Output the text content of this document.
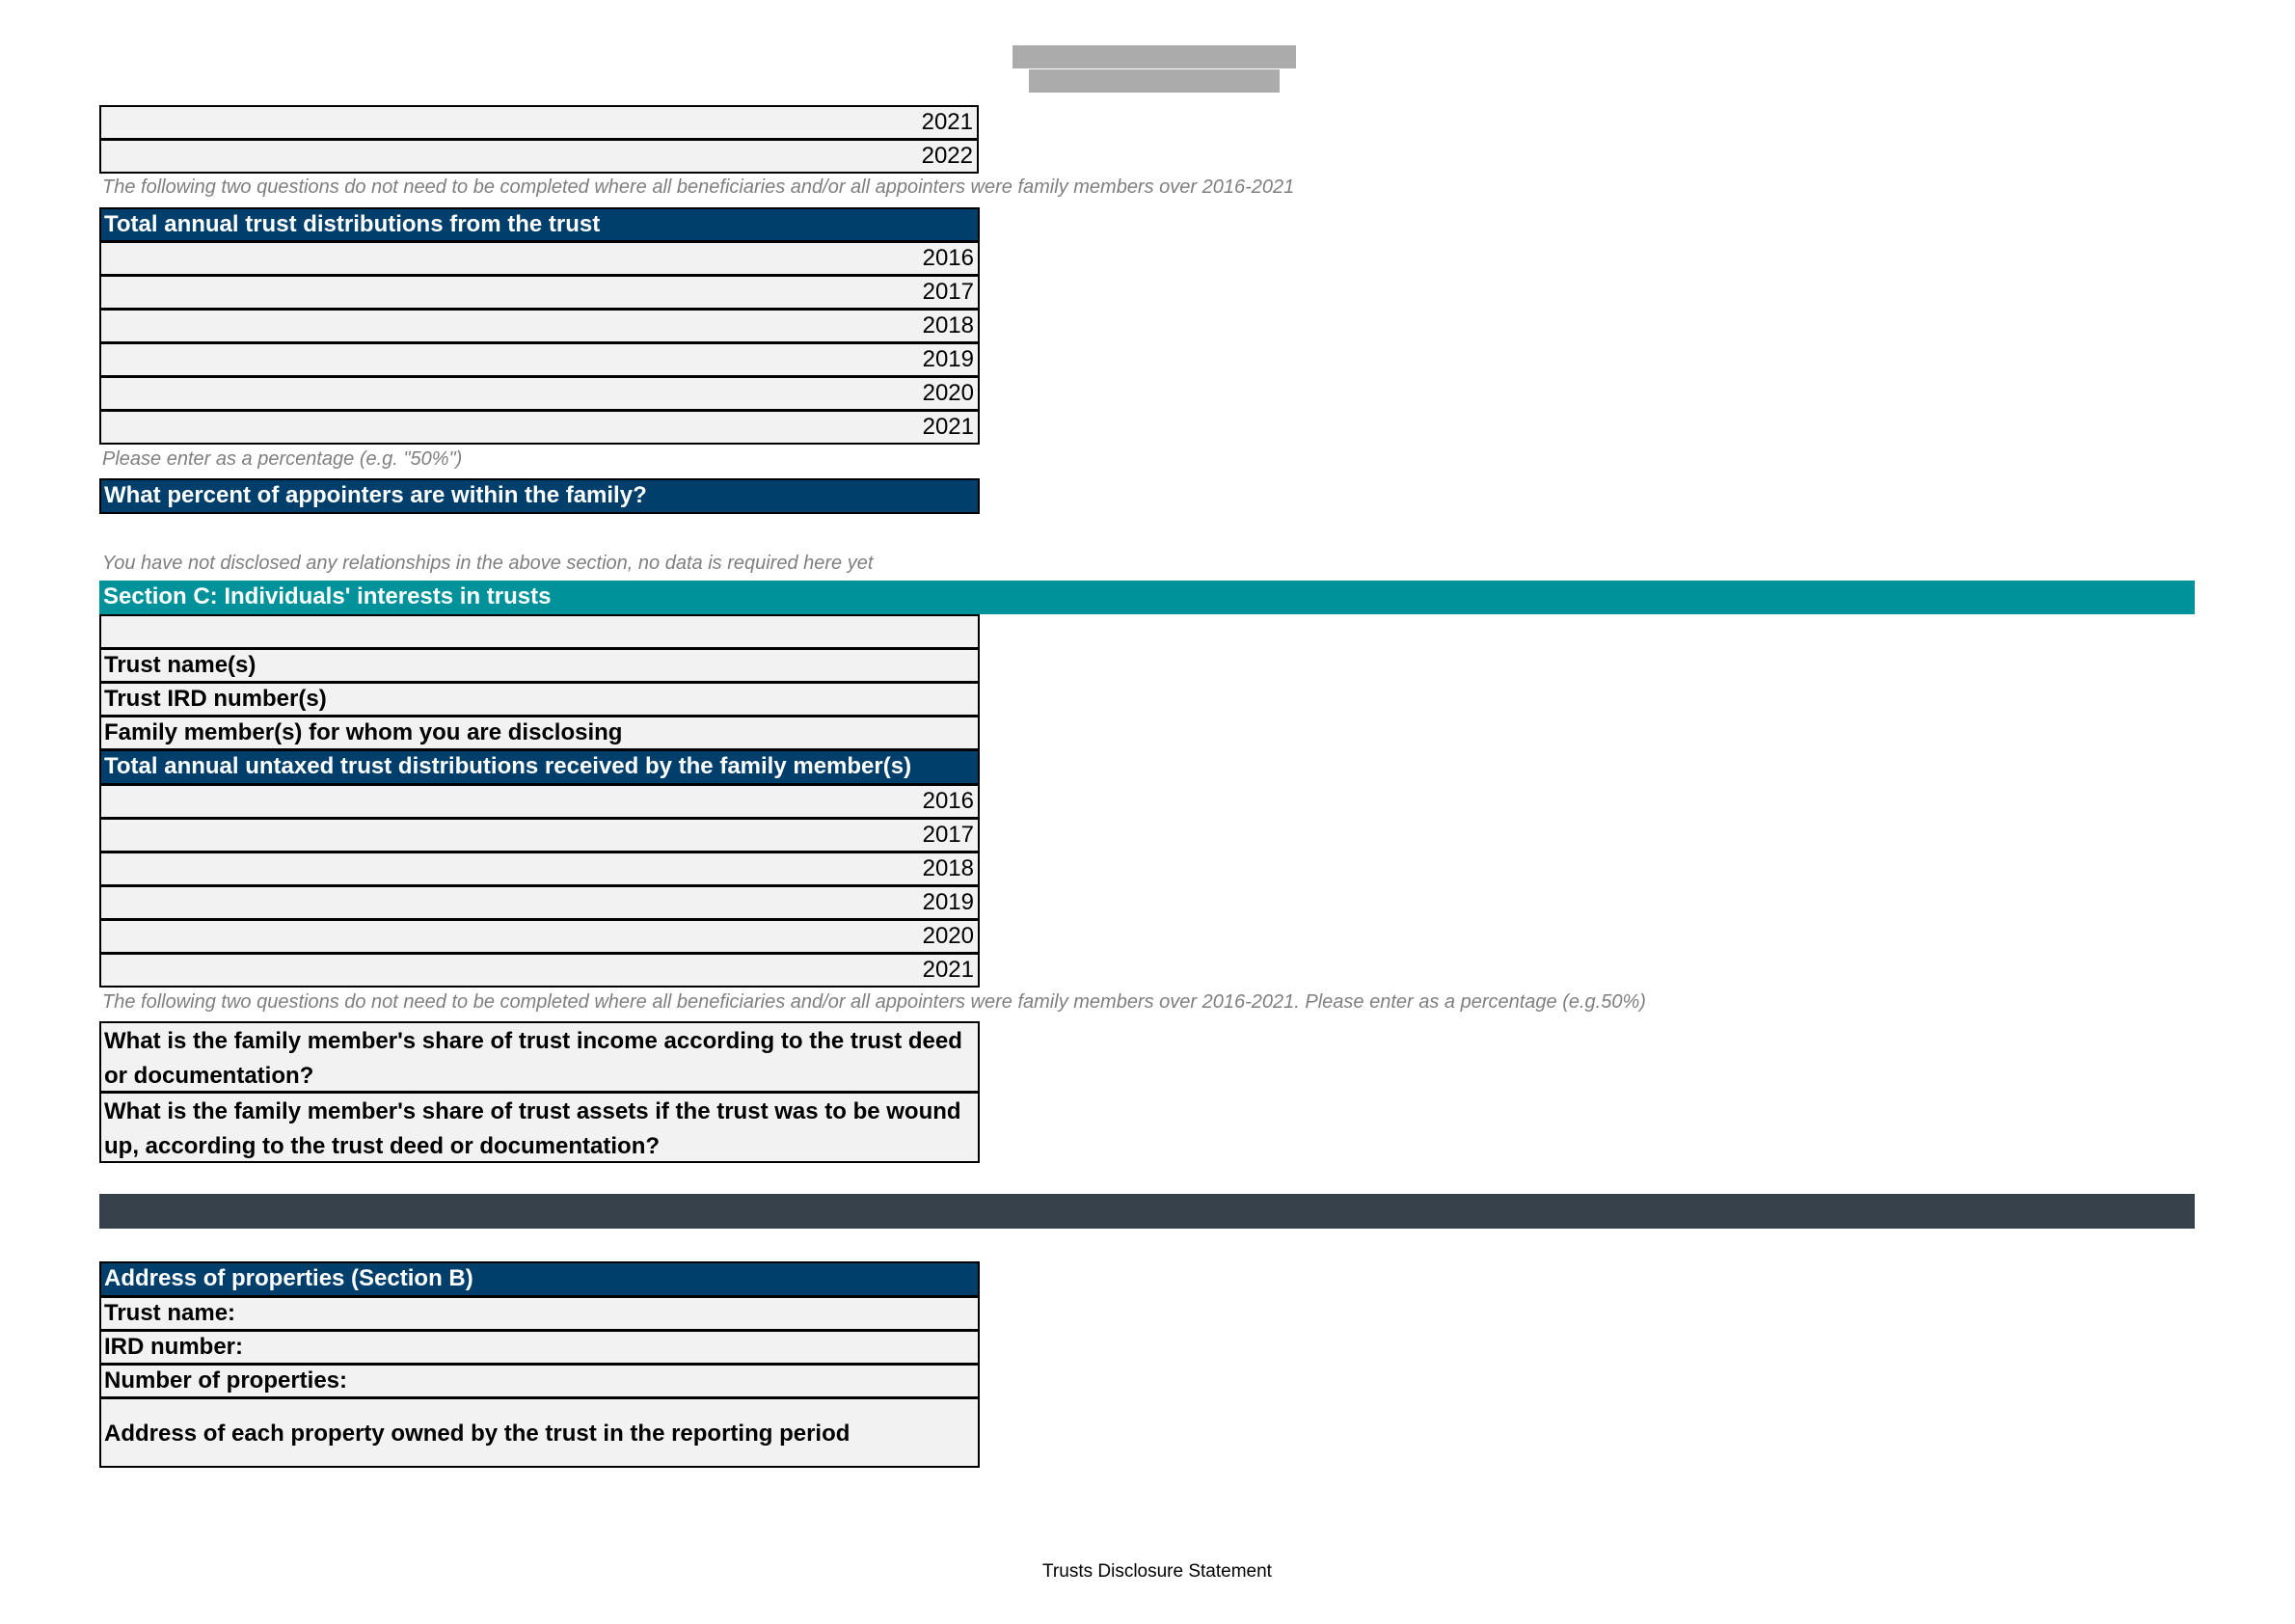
2021
2022
The following two questions do not need to be completed where all beneficiaries and/or all appointers were family members over 2016-2021
Total annual trust distributions from the trust
2016
2017
2018
2019
2020
2021
Please enter as a percentage (e.g. "50%")
What percent of appointers are within the family?
You have not disclosed any relationships in the above section, no data is required here yet
Section C: Individuals' interests in trusts
Trust name(s)
Trust IRD number(s)
Family member(s) for whom you are disclosing
Total annual untaxed trust distributions received by the family member(s)
2016
2017
2018
2019
2020
2021
The following two questions do not need to be completed where all beneficiaries and/or all appointers were family members over 2016-2021. Please enter as a percentage (e.g.50%)
What is the family member's share of trust income according to the trust deed or documentation?
What is the family member's share of trust assets if the trust was to be wound up, according to the trust deed or documentation?
Address of properties (Section B)
Trust name:
IRD number:
Number of properties:
Address of each property owned by the trust in the reporting period
Trusts Disclosure Statement
